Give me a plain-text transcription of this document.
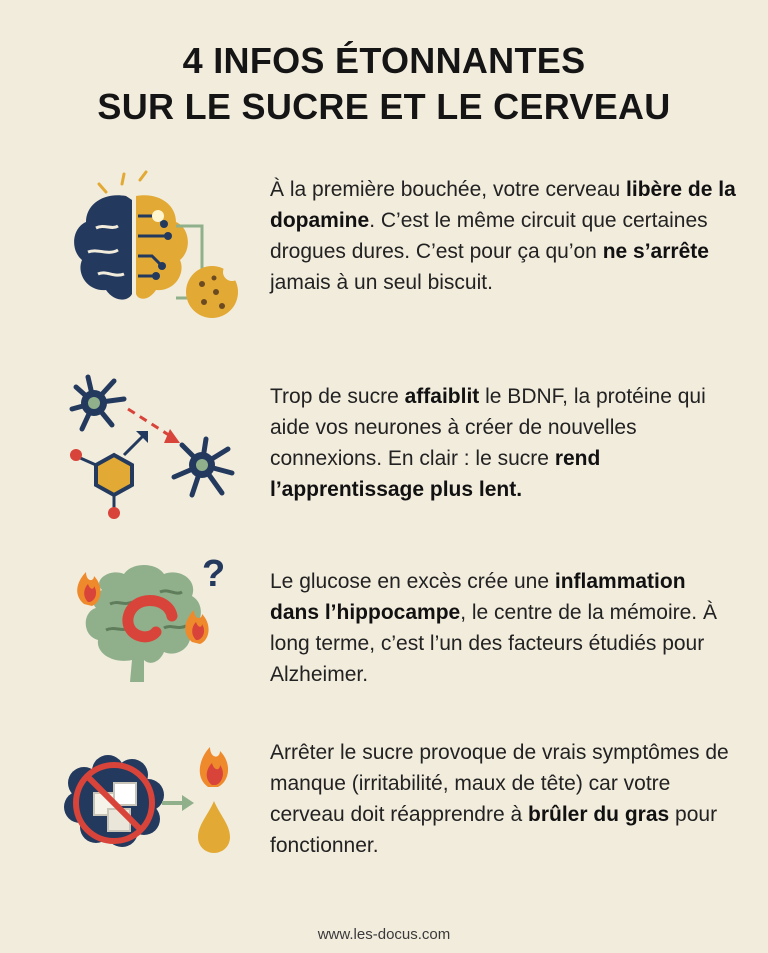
4 INFOS ÉTONNANTES
SUR LE SUCRE ET LE CERVEAU
À la première bouchée, votre cerveau libère de la dopamine. C’est le même circuit que certaines drogues dures. C’est pour ça qu’on ne s’arrête jamais à un seul biscuit.
Trop de sucre affaiblit le BDNF, la protéine qui aide vos neurones à créer de nouvelles connexions. En clair : le sucre rend l’apprentissage plus lent.
? Le glucose en excès crée une inflammation dans l’hippocampe, le centre de la mémoire. À long terme, c’est l’un des facteurs étudiés pour Alzheimer.
Arrêter le sucre provoque de vrais symptômes de manque (irritabilité, maux de tête) car votre cerveau doit réapprendre à brûler du gras pour fonctionner.
www.les-docus.com
